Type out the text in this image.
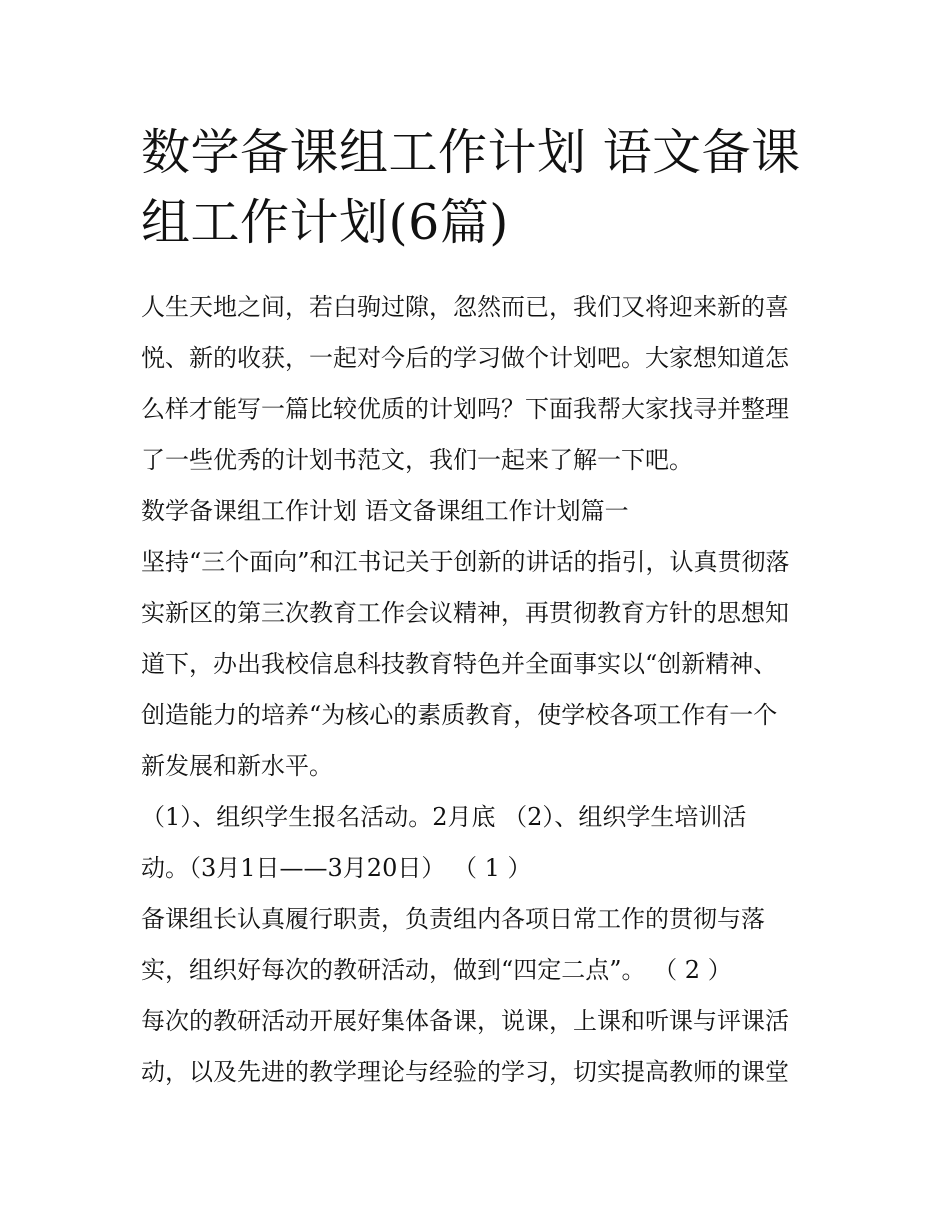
数学备课组工作计划 语文备课
组工作计划(6篇)

人生天地之间，若白驹过隙，忽然而已，我们又将迎来新的喜
悦、新的收获，一起对今后的学习做个计划吧。大家想知道怎
么样才能写一篇比较优质的计划吗？下面我帮大家找寻并整理
了一些优秀的计划书范文，我们一起来了解一下吧。

数学备课组工作计划 语文备课组工作计划篇一

坚持“三个面向”和江书记关于创新的讲话的指引，认真贯彻落
实新区的第三次教育工作会议精神，再贯彻教育方针的思想知
道下，办出我校信息科技教育特色并全面事实以“创新精神、
创造能力的培养“为核心的素质教育，使学校各项工作有一个
新发展和新水平。

（1）、组织学生报名活动。2月底 （2）、组织学生培训活
动。（3月1日——3月20日） （ 1 ）

备课组长认真履行职责，负责组内各项日常工作的贯彻与落
实，组织好每次的教研活动，做到“四定二点”。 （ 2 ）

每次的教研活动开展好集体备课，说课，上课和听课与评课活
动，以及先进的教学理论与经验的学习，切实提高教师的课堂
